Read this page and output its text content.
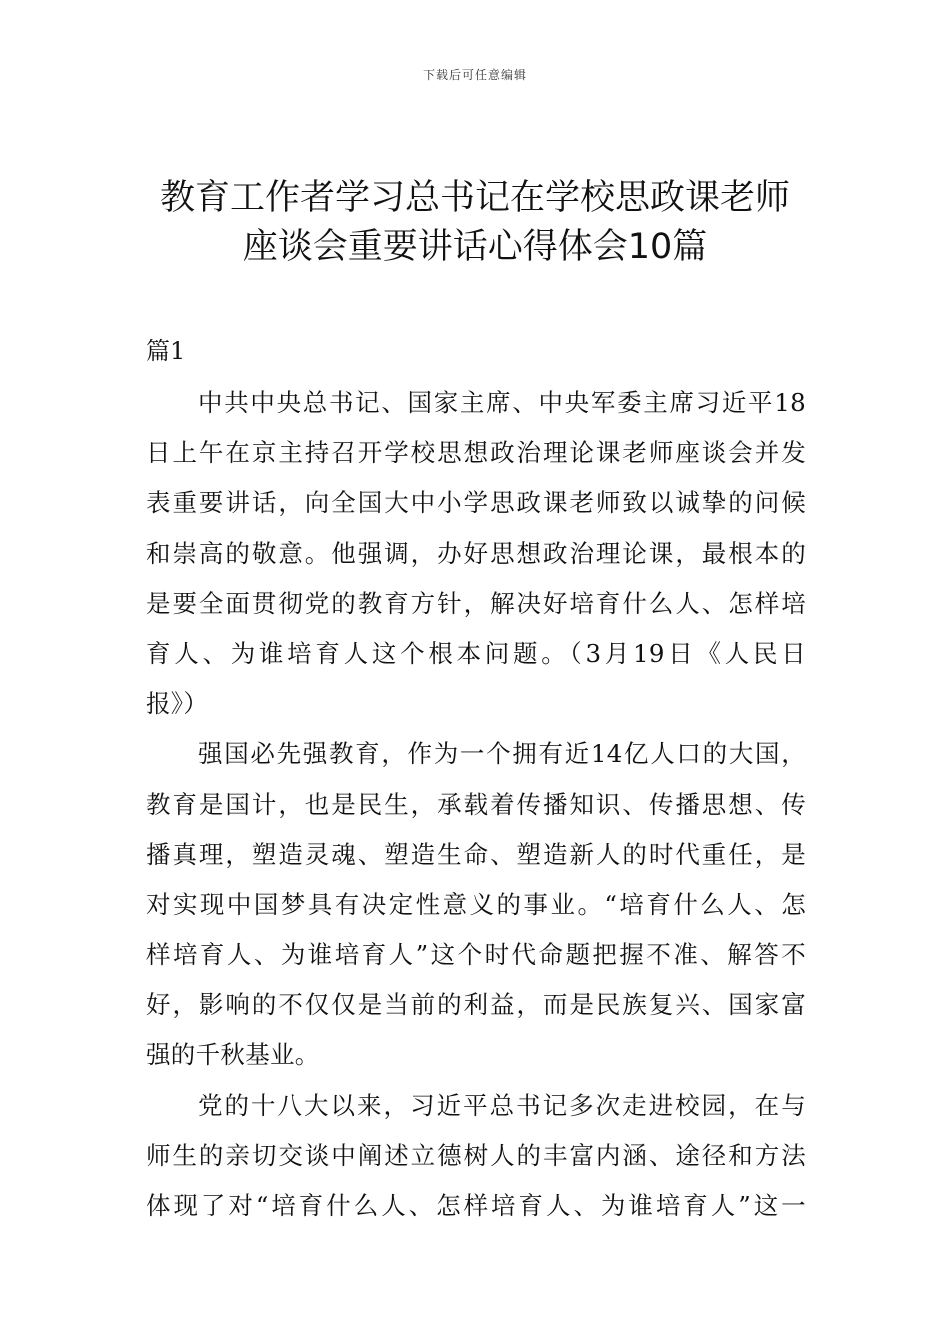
下载后可任意编辑
教育工作者学习总书记在学校思政课老师
座谈会重要讲话心得体会10篇
篇1

中共中央总书记、国家主席、中央军委主席习近平18
日上午在京主持召开学校思想政治理论课老师座谈会并发
表重要讲话，向全国大中小学思政课老师致以诚挚的问候
和崇高的敬意。他强调，办好思想政治理论课，最根本的
是要全面贯彻党的教育方针，解决好培育什么人、怎样培
育人、为谁培育人这个根本问题。（3月19日《人民日
报》）

强国必先强教育，作为一个拥有近14亿人口的大国，
教育是国计，也是民生，承载着传播知识、传播思想、传
播真理，塑造灵魂、塑造生命、塑造新人的时代重任，是
对实现中国梦具有决定性意义的事业。“培育什么人、怎
样培育人、为谁培育人”这个时代命题把握不准、解答不
好，影响的不仅仅是当前的利益，而是民族复兴、国家富
强的千秋基业。

党的十八大以来，习近平总书记多次走进校园，在与
师生的亲切交谈中阐述立德树人的丰富内涵、途径和方法
体现了对“培育什么人、怎样培育人、为谁培育人”这一
